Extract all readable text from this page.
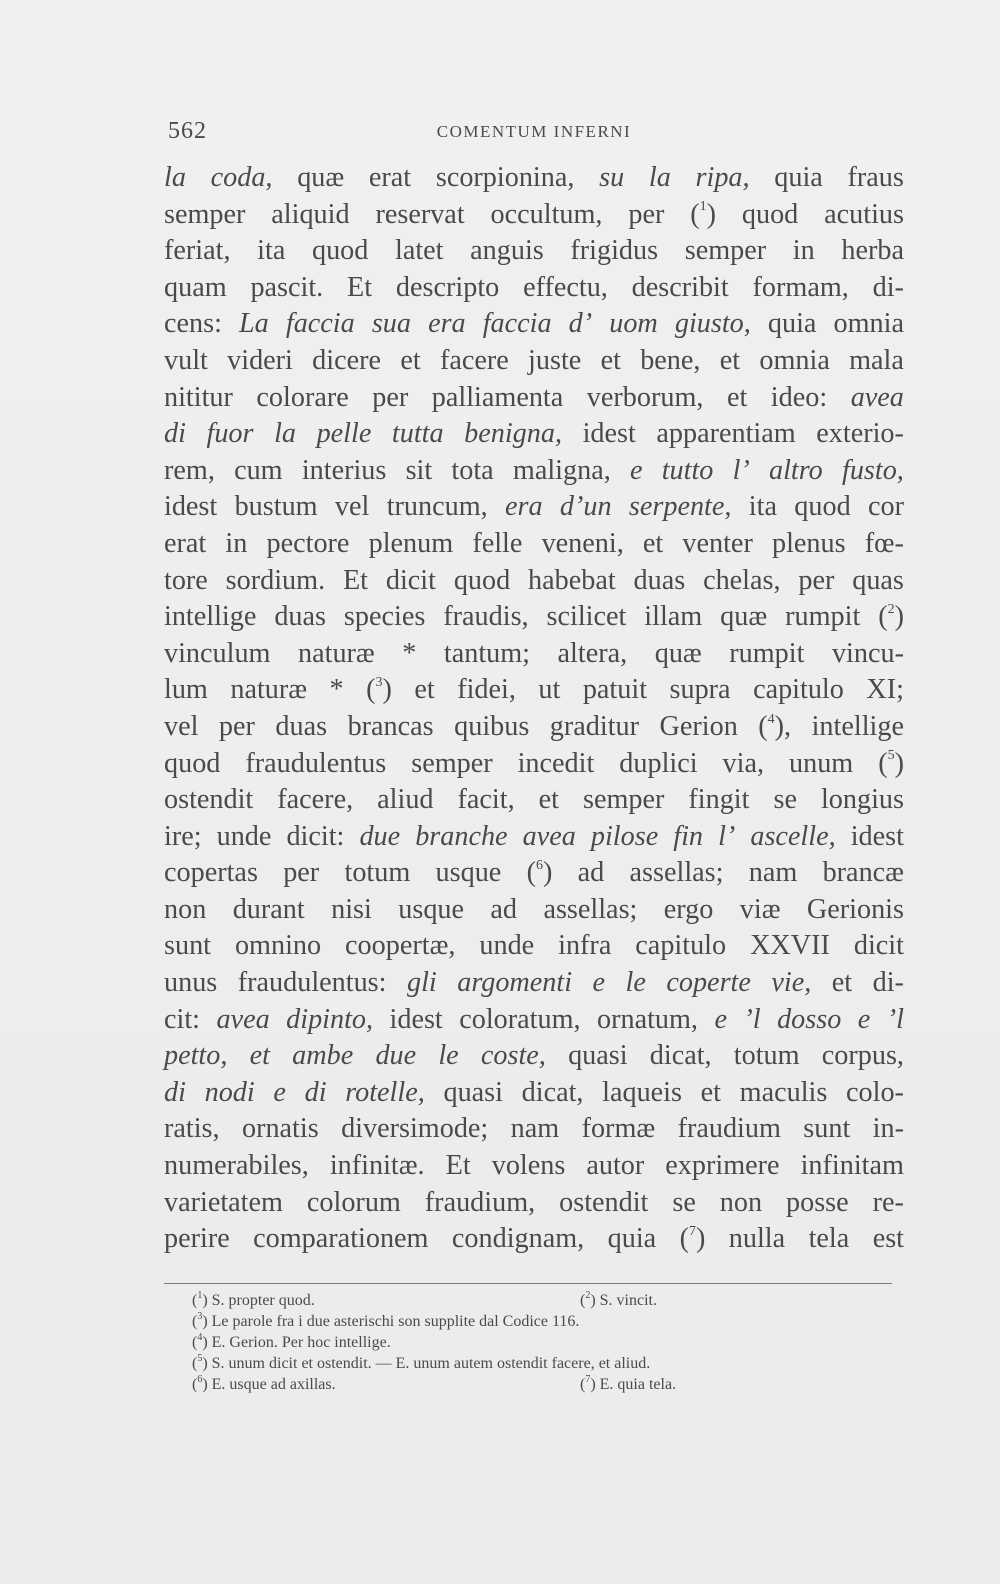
562	COMENTUM INFERNI
la coda, quæ erat scorpionina, su la ripa, quia fraus
semper aliquid reservat occultum, per ($^1$) quod acutius
feriat, ita quod latet anguis frigidus semper in herba
quam pascit. Et descripto effectu, describit formam, di-
cens: La faccia sua era faccia d’ uom giusto, quia omnia
vult videri dicere et facere juste et bene, et omnia mala
nititur colorare per palliamenta verborum, et ideo: avea
di fuor la pelle tutta benigna, idest apparentiam exterio-
rem, cum interius sit tota maligna, e tutto l’ altro fusto,
idest bustum vel truncum, era d’un serpente, ita quod cor
erat in pectore plenum felle veneni, et venter plenus fœ-
tore sordium. Et dicit quod habebat duas chelas, per quas
intellige duas species fraudis, scilicet illam quæ rumpit ($^2$)
vinculum naturæ * tantum; altera, quæ rumpit vincu-
lum naturæ * ($^3$) et fidei, ut patuit supra capitulo XI;
vel per duas brancas quibus graditur Gerion ($^4$), intellige
quod fraudulentus semper incedit duplici via, unum ($^5$)
ostendit facere, aliud facit, et semper fingit se longius
ire; unde dicit: due branche avea pilose fin l’ ascelle, idest
copertas per totum usque ($^6$) ad assellas; nam brancæ
non durant nisi usque ad assellas; ergo viæ Gerionis
sunt omnino coopertæ, unde infra capitulo XXVII dicit
unus fraudulentus: gli argomenti e le coperte vie, et di-
cit: avea dipinto, idest coloratum, ornatum, e ’l dosso e ’l
petto, et ambe due le coste, quasi dicat, totum corpus,
di nodi e di rotelle, quasi dicat, laqueis et maculis colo-
ratis, ornatis diversimode; nam formæ fraudium sunt in-
numerabiles, infinitæ. Et volens autor exprimere infinitam
varietatem colorum fraudium, ostendit se non posse re-
perire comparationem condignam, quia ($^7$) nulla tela est
($^1$) S. propter quod.	($^2$) S. vincit.
($^3$) Le parole fra i due asterischi son supplite dal Codice 116.
($^4$) E. Gerion. Per hoc intellige.
($^5$) S. unum dicit et ostendit. — E. unum autem ostendit facere, et aliud.
($^6$) E. usque ad axillas.	($^7$) E. quia tela.
